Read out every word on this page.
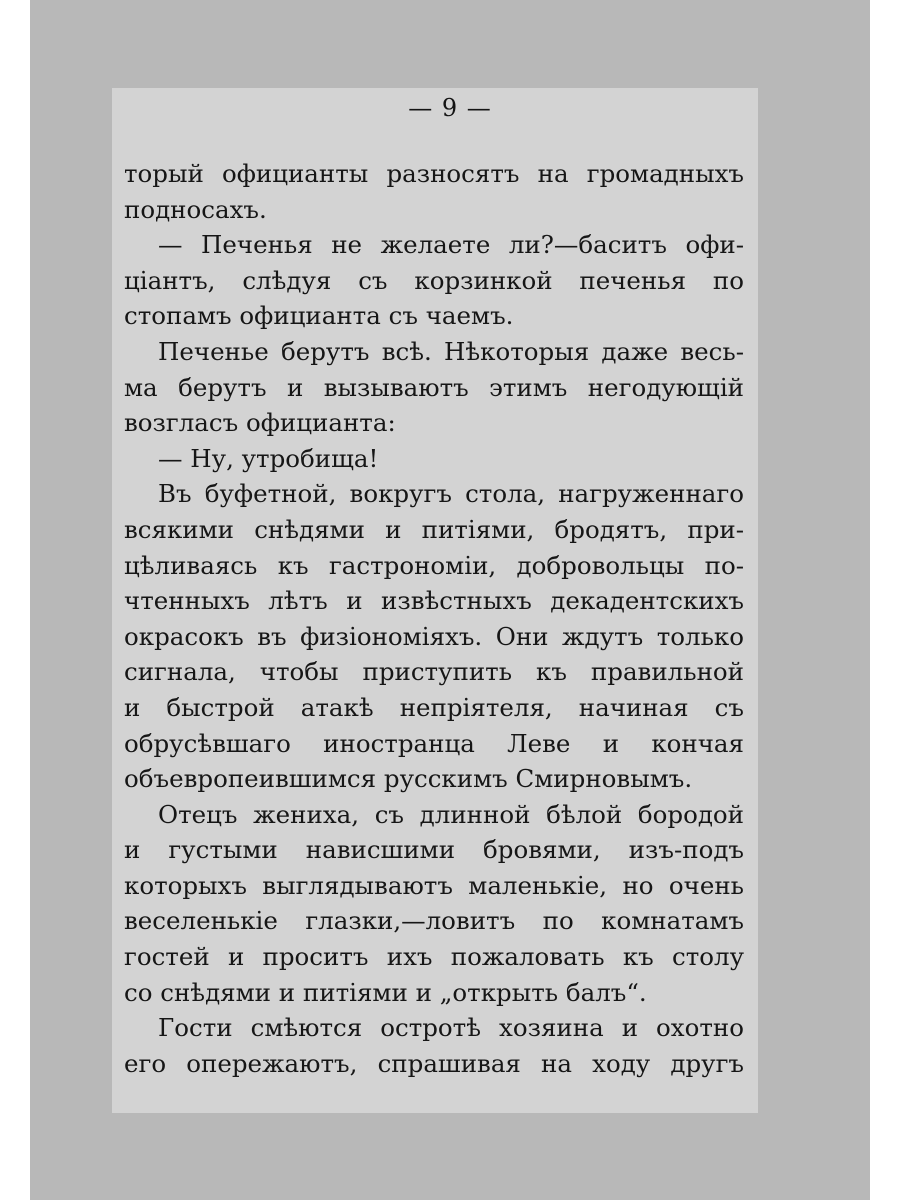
— 9 —
торый официанты разносятъ на громадныхъ
подносахъ.
— Печенья не желаете ли?—баситъ офи-
ціантъ, слѣдуя съ корзинкой печенья по
стопамъ официанта съ чаемъ.
Печенье берутъ всѣ. Нѣкоторыя даже весь-
ма берутъ и вызываютъ этимъ негодующій
возгласъ официанта:
— Ну, утробища!
Въ буфетной, вокругъ стола, нагруженнаго
всякими снѣдями и питіями, бродятъ, при-
цѣливаясь къ гастрономіи, добровольцы по-
чтенныхъ лѣтъ и извѣстныхъ декадентскихъ
окрасокъ въ физіономіяхъ. Они ждутъ только
сигнала, чтобы приступить къ правильной
и быстрой атакѣ непріятеля, начиная съ
обрусѣвшаго иностранца Леве и кончая
объевропеившимся русскимъ Смирновымъ.
Отецъ жениха, съ длинной бѣлой бородой
и густыми нависшими бровями, изъ-подъ
которыхъ выглядываютъ маленькіе, но очень
веселенькіе глазки,—ловитъ по комнатамъ
гостей и проситъ ихъ пожаловать къ столу
со снѣдями и питіями и „открыть балъ“.
Гости смѣются остротѣ хозяина и охотно
его опережаютъ, спрашивая на ходу другъ
